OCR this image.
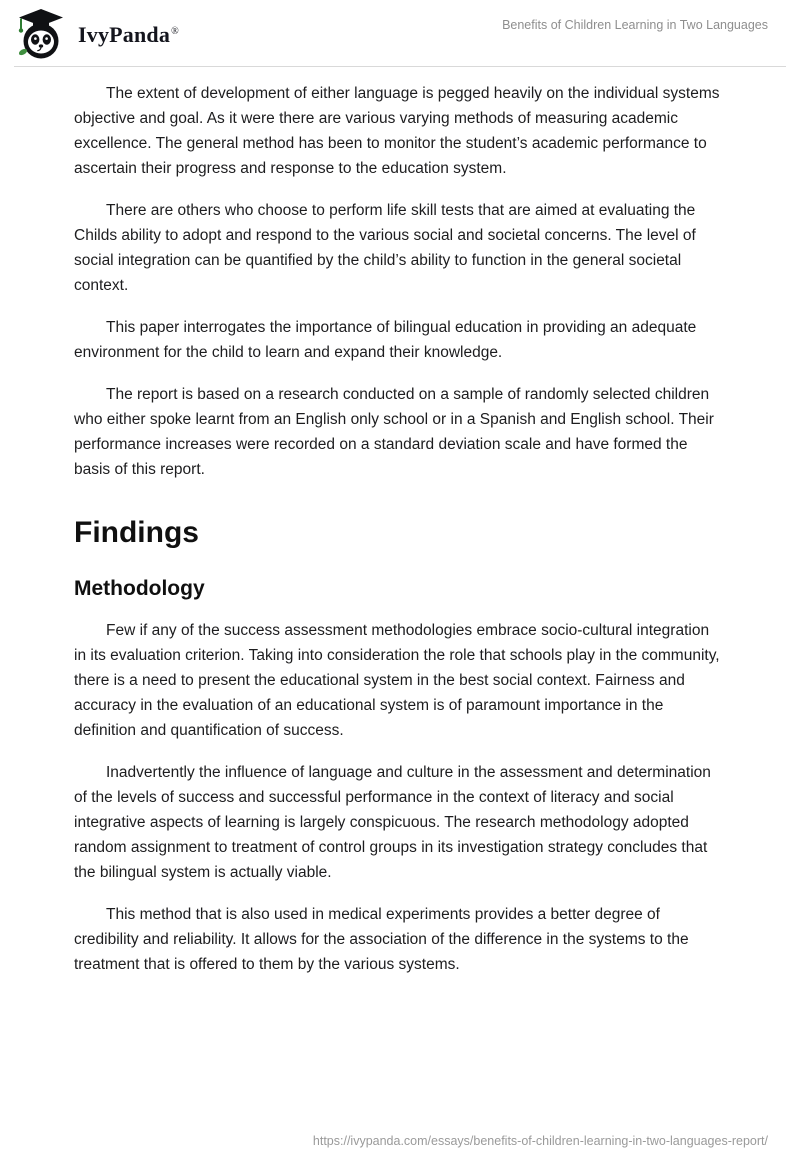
IvyPanda®	Benefits of Children Learning in Two Languages

The extent of development of either language is pegged heavily on the individual systems objective and goal. As it were there are various varying methods of measuring academic excellence. The general method has been to monitor the student’s academic performance to ascertain their progress and response to the education system.

There are others who choose to perform life skill tests that are aimed at evaluating the Childs ability to adopt and respond to the various social and societal concerns. The level of social integration can be quantified by the child’s ability to function in the general societal context.

This paper interrogates the importance of bilingual education in providing an adequate environment for the child to learn and expand their knowledge.

The report is based on a research conducted on a sample of randomly selected children who either spoke learnt from an English only school or in a Spanish and English school. Their performance increases were recorded on a standard deviation scale and have formed the basis of this report.

Findings
Methodology

Few if any of the success assessment methodologies embrace socio-cultural integration in its evaluation criterion. Taking into consideration the role that schools play in the community, there is a need to present the educational system in the best social context. Fairness and accuracy in the evaluation of an educational system is of paramount importance in the definition and quantification of success.

Inadvertently the influence of language and culture in the assessment and determination of the levels of success and successful performance in the context of literacy and social integrative aspects of learning is largely conspicuous. The research methodology adopted random assignment to treatment of control groups in its investigation strategy concludes that the bilingual system is actually viable.

This method that is also used in medical experiments provides a better degree of credibility and reliability. It allows for the association of the difference in the systems to the treatment that is offered to them by the various systems.

https://ivypanda.com/essays/benefits-of-children-learning-in-two-languages-report/
